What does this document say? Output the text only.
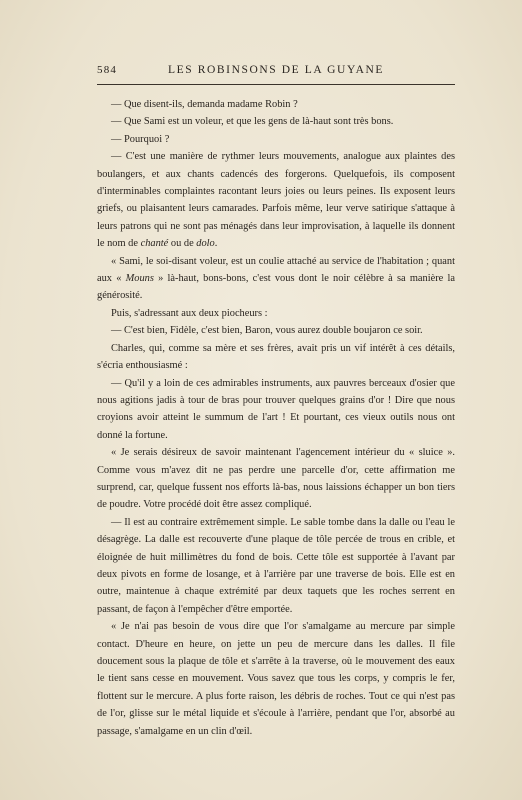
584	LES ROBINSONS DE LA GUYANE

— Que disent-ils, demanda madame Robin ?

— Que Sami est un voleur, et que les gens de là-haut sont très bons.

— Pourquoi ?

— C'est une manière de rythmer leurs mouvements, analogue aux plaintes des boulangers, et aux chants cadencés des forgerons. Quelquefois, ils composent d'interminables complaintes racontant leurs joies ou leurs peines. Ils exposent leurs griefs, ou plaisantent leurs camarades. Parfois même, leur verve satirique s'attaque à leurs patrons qui ne sont pas ménagés dans leur improvisation, à laquelle ils donnent le nom de chanté ou de dolo.

« Sami, le soi-disant voleur, est un coulie attaché au service de l'habitation ; quant aux « Mouns » là-haut, bons-bons, c'est vous dont le noir célèbre à sa manière la générosité.

Puis, s'adressant aux deux piocheurs :

— C'est bien, Fidèle, c'est bien, Baron, vous aurez double boujaron ce soir.

Charles, qui, comme sa mère et ses frères, avait pris un vif intérêt à ces détails, s'écria enthousiasmé :

— Qu'il y a loin de ces admirables instruments, aux pauvres berceaux d'osier que nous agitions jadis à tour de bras pour trouver quelques grains d'or ! Dire que nous croyions avoir atteint le summum de l'art ! Et pourtant, ces vieux outils nous ont donné la fortune.

« Je serais désireux de savoir maintenant l'agencement intérieur du « sluice ». Comme vous m'avez dit ne pas perdre une parcelle d'or, cette affirmation me surprend, car, quelque fussent nos efforts là-bas, nous laissions échapper un bon tiers de poudre. Votre procédé doit être assez compliqué.

— Il est au contraire extrêmement simple. Le sable tombe dans la dalle ou l'eau le désagrège. La dalle est recouverte d'une plaque de tôle percée de trous en crible, et éloignée de huit millimètres du fond de bois. Cette tôle est supportée à l'avant par deux pivots en forme de losange, et à l'arrière par une traverse de bois. Elle est en outre, maintenue à chaque extrémité par deux taquets que les roches serrent en passant, de façon à l'empêcher d'être emportée.

« Je n'ai pas besoin de vous dire que l'or s'amalgame au mercure par simple contact. D'heure en heure, on jette un peu de mercure dans les dalles. Il file doucement sous la plaque de tôle et s'arrête à la traverse, où le mouvement des eaux le tient sans cesse en mouvement. Vous savez que tous les corps, y compris le fer, flottent sur le mercure. A plus forte raison, les débris de roches. Tout ce qui n'est pas de l'or, glisse sur le métal liquide et s'écoule à l'arrière, pendant que l'or, absorbé au passage, s'amalgame en un clin d'œil.
